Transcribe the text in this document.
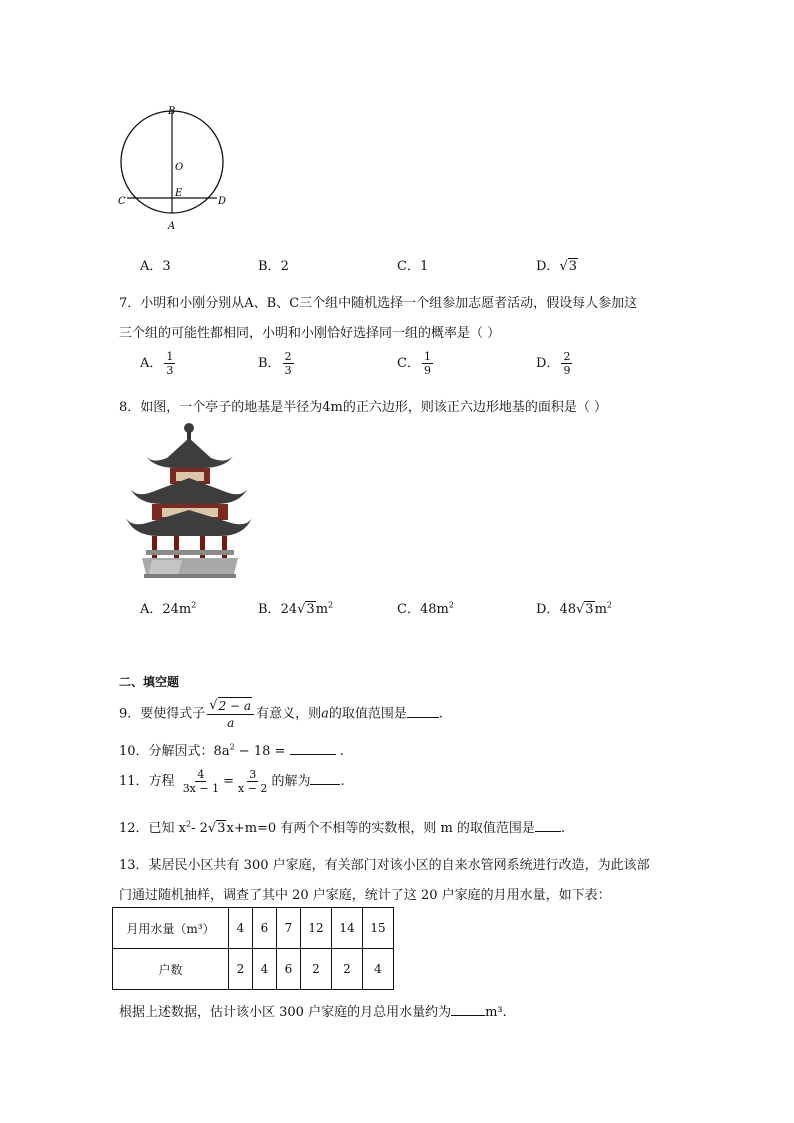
B
O
E
C	D
A
A．3	B．2	C．1	D． √ 3
7．小明和小刚分别从A、B、C三个组中随机选择一个组参加志愿者活动，假设每人参加这
三个组的可能性都相同，小明和小刚恰好选择同一组的概率是（ ）
A． $\frac{1}{3}$	B． $\frac{2}{3}$	C． $\frac{1}{9}$	D． $\frac{2}{9}$
8．如图，一个亭子的地基是半径为4m的正六边形，则该正六边形地基的面积是（ ）
A．$24m^2$	B．24 √ 3 $m^2$	C．$48m^2$	D．48 √ 3 $m^2$
二、填空题
9．要使得式子 $\frac{√ 2 - a}{a}$ 有意义，则a的取值范围是 .
10．分解因式：$8a^2 - 18$ =	.
11．方程 $\frac{4}{3x - 1} = \frac{3}{x - 2}$ 的解为 .
12．已知 $x^2-$ 2 √ 3 x+m=0 有两个不相等的实数根，则 m 的取值范围是 .
13．某居民小区共有 300 户家庭，有关部门对该小区的自来水管网系统进行改造，为此该部
门通过随机抽样，调查了其中 20 户家庭，统计了这 20 户家庭的月用水量，如下表：
月用水量（m³）	4	6	7	12	14	15
户数	2	4	6	2	2	4
根据上述数据，估计该小区 300 户家庭的月总用水量约为	m³.
